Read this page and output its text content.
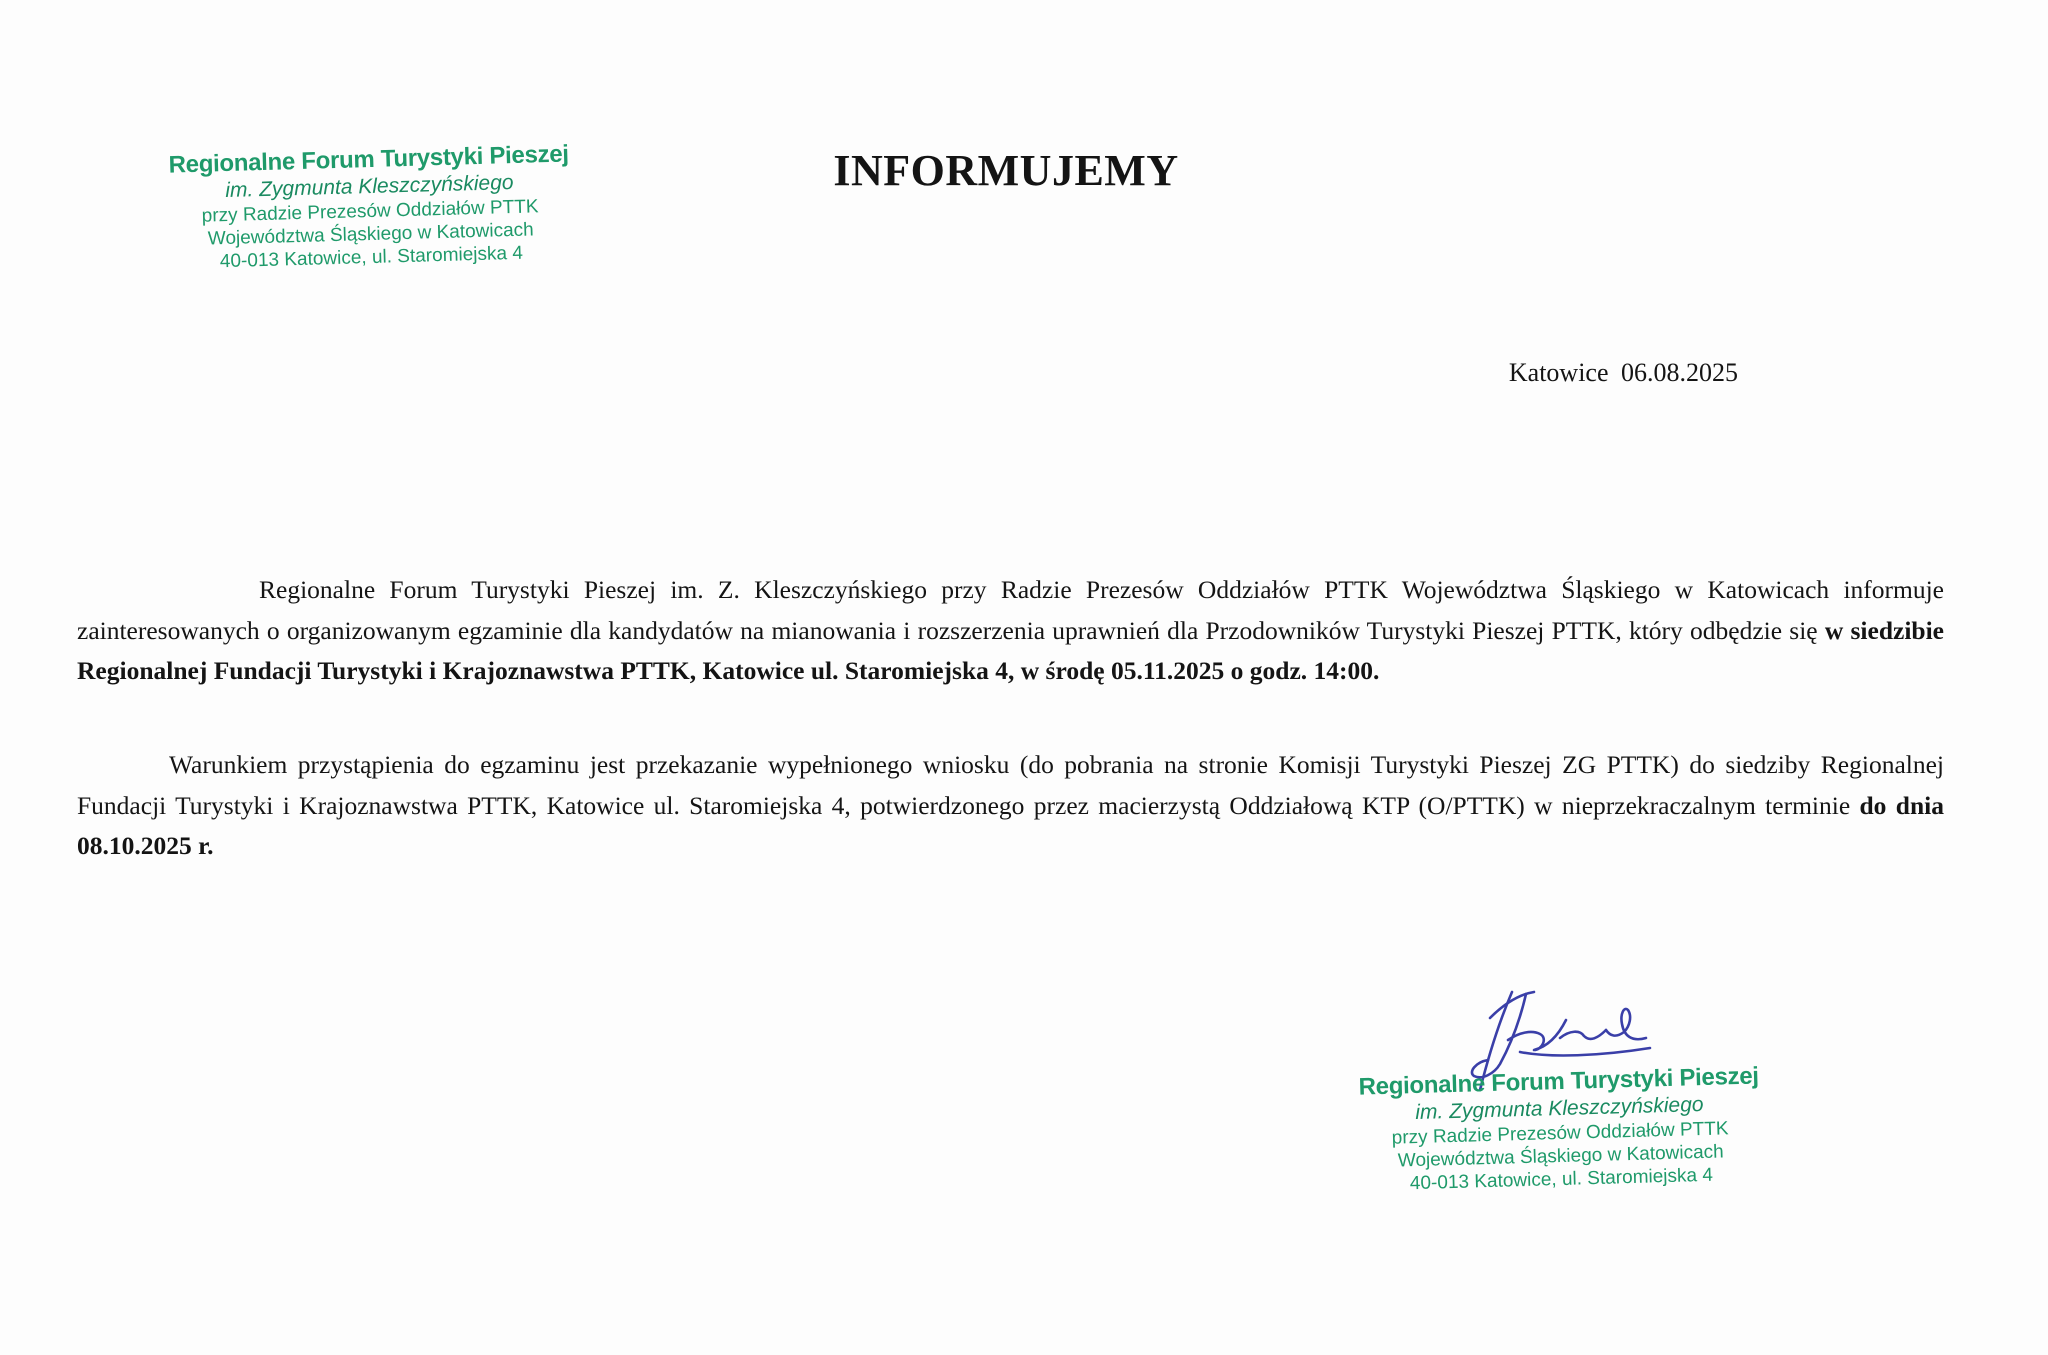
Regionalne Forum Turystyki Pieszej
im. Zygmunta Kleszczyńskiego
przy Radzie Prezesów Oddziałów PTTK
Województwa Śląskiego w Katowicach
40-013 Katowice, ul. Staromiejska 4
INFORMUJEMY
Katowice 06.08.2025

Regionalne Forum Turystyki Pieszej im. Z. Kleszczyńskiego przy Radzie Prezesów Oddziałów PTTK Województwa Śląskiego w Katowicach informuje zainteresowanych o organizowanym egzaminie dla kandydatów na mianowania i rozszerzenia uprawnień dla Przodowników Turystyki Pieszej PTTK, który odbędzie się w siedzibie Regionalnej Fundacji Turystyki i Krajoznawstwa PTTK, Katowice ul. Staromiejska 4, w środę 05.11.2025 o godz. 14:00.

Warunkiem przystąpienia do egzaminu jest przekazanie wypełnionego wniosku (do pobrania na stronie Komisji Turystyki Pieszej ZG PTTK) do siedziby Regionalnej Fundacji Turystyki i Krajoznawstwa PTTK, Katowice ul. Staromiejska 4, potwierdzonego przez macierzystą Oddziałową KTP (O/PTTK) w nieprzekraczalnym terminie do dnia 08.10.2025 r.

Regionalne Forum Turystyki Pieszej
im. Zygmunta Kleszczyńskiego
przy Radzie Prezesów Oddziałów PTTK
Województwa Śląskiego w Katowicach
40-013 Katowice, ul. Staromiejska 4
